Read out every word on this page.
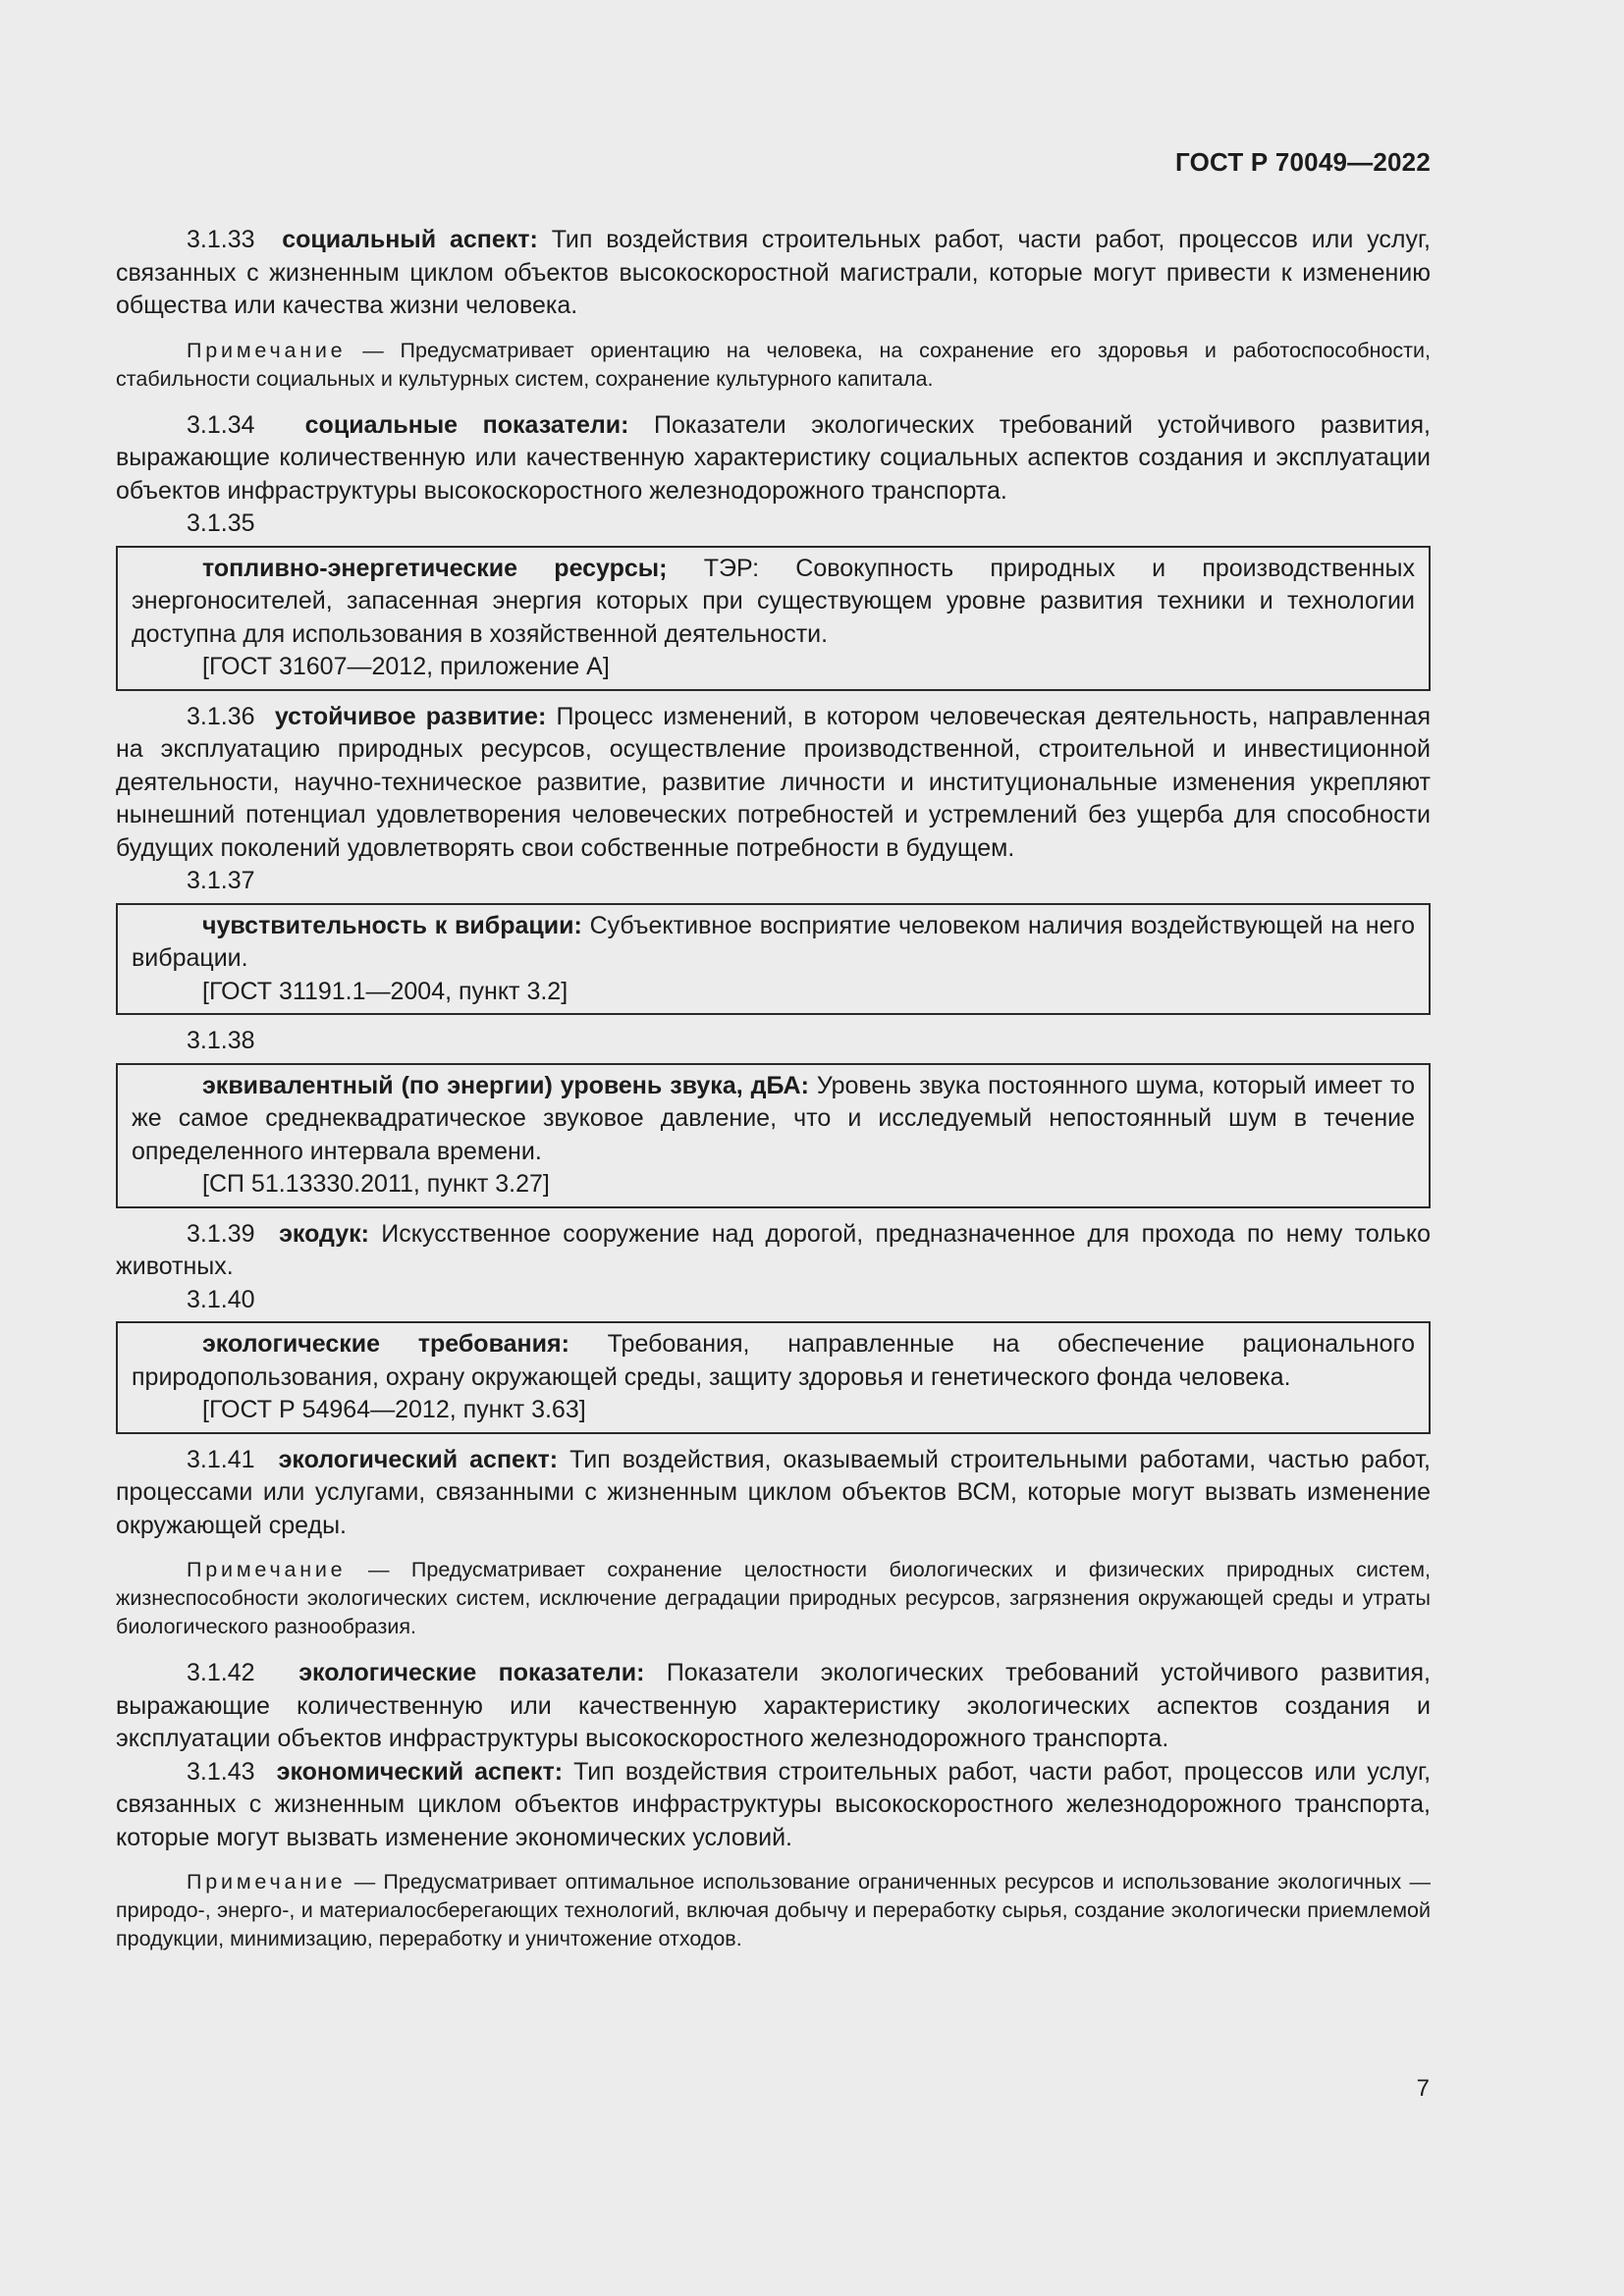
ГОСТ Р 70049—2022

3.1.33 социальный аспект: Тип воздействия строительных работ, части работ, процессов или услуг, связанных с жизненным циклом объектов высокоскоростной магистрали, которые могут привести к изменению общества или качества жизни человека.

Примечание — Предусматривает ориентацию на человека, на сохранение его здоровья и работоспособности, стабильности социальных и культурных систем, сохранение культурного капитала.

3.1.34 социальные показатели: Показатели экологических требований устойчивого развития, выражающие количественную или качественную характеристику социальных аспектов создания и эксплуатации объектов инфраструктуры высокоскоростного железнодорожного транспорта.

3.1.35

топливно-энергетические ресурсы; ТЭР: Совокупность природных и производственных энергоносителей, запасенная энергия которых при существующем уровне развития техники и технологии доступна для использования в хозяйственной деятельности.

[ГОСТ 31607—2012, приложение А]

3.1.36 устойчивое развитие: Процесс изменений, в котором человеческая деятельность, направленная на эксплуатацию природных ресурсов, осуществление производственной, строительной и инвестиционной деятельности, научно-техническое развитие, развитие личности и институциональные изменения укрепляют нынешний потенциал удовлетворения человеческих потребностей и устремлений без ущерба для способности будущих поколений удовлетворять свои собственные потребности в будущем.

3.1.37

чувствительность к вибрации: Субъективное восприятие человеком наличия воздействующей на него вибрации.

[ГОСТ 31191.1—2004, пункт 3.2]

3.1.38

эквивалентный (по энергии) уровень звука, дБА: Уровень звука постоянного шума, который имеет то же самое среднеквадратическое звуковое давление, что и исследуемый непостоянный шум в течение определенного интервала времени.

[СП 51.13330.2011, пункт 3.27]

3.1.39 экодук: Искусственное сооружение над дорогой, предназначенное для прохода по нему только животных.

3.1.40

экологические требования: Требования, направленные на обеспечение рационального природопользования, охрану окружающей среды, защиту здоровья и генетического фонда человека.

[ГОСТ Р 54964—2012, пункт 3.63]

3.1.41 экологический аспект: Тип воздействия, оказываемый строительными работами, частью работ, процессами или услугами, связанными с жизненным циклом объектов ВСМ, которые могут вызвать изменение окружающей среды.

Примечание — Предусматривает сохранение целостности биологических и физических природных систем, жизнеспособности экологических систем, исключение деградации природных ресурсов, загрязнения окружающей среды и утраты биологического разнообразия.

3.1.42 экологические показатели: Показатели экологических требований устойчивого развития, выражающие количественную или качественную характеристику экологических аспектов создания и эксплуатации объектов инфраструктуры высокоскоростного железнодорожного транспорта.

3.1.43 экономический аспект: Тип воздействия строительных работ, части работ, процессов или услуг, связанных с жизненным циклом объектов инфраструктуры высокоскоростного железнодорожного транспорта, которые могут вызвать изменение экономических условий.

Примечание — Предусматривает оптимальное использование ограниченных ресурсов и использование экологичных — природо-, энерго-, и материалосберегающих технологий, включая добычу и переработку сырья, создание экологически приемлемой продукции, минимизацию, переработку и уничтожение отходов.

7
